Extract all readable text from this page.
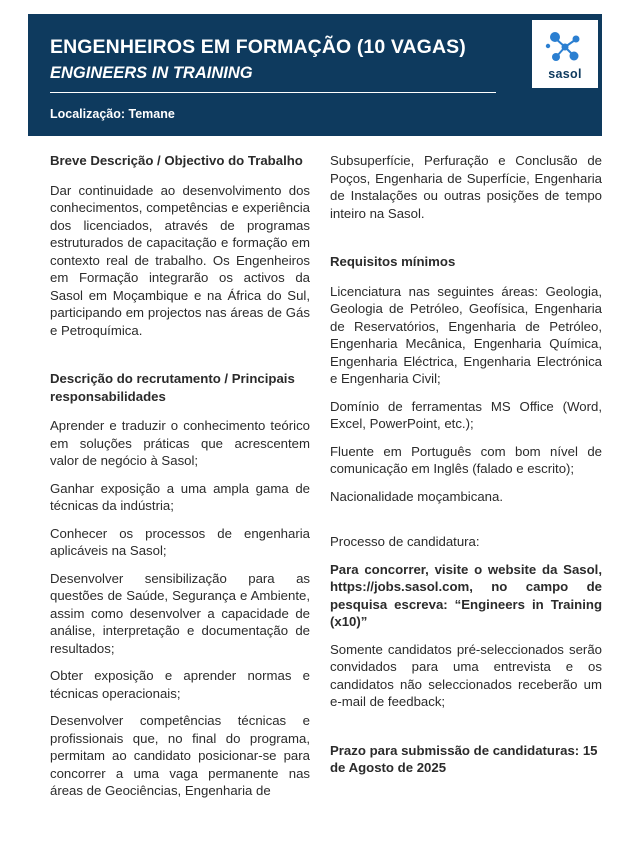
ENGENHEIROS EM FORMAÇÃO (10 VAGAS)
ENGINEERS IN TRAINING
Localização: Temane
sasol

Breve Descrição / Objectivo do Trabalho

Dar continuidade ao desenvolvimento dos conhecimentos, competências e experiência dos licenciados, através de programas estruturados de capacitação e formação em contexto real de trabalho. Os Engenheiros em Formação integrarão os activos da Sasol em Moçambique e na África do Sul, participando em projectos nas áreas de Gás e Petroquímica.

Descrição do recrutamento / Principais responsabilidades

Aprender e traduzir o conhecimento teórico em soluções práticas que acrescentem valor de negócio à Sasol;

Ganhar exposição a uma ampla gama de técnicas da indústria;

Conhecer os processos de engenharia aplicáveis na Sasol;

Desenvolver sensibilização para as questões de Saúde, Segurança e Ambiente, assim como desenvolver a capacidade de análise, interpretação e documentação de resultados;

Obter exposição e aprender normas e técnicas operacionais;

Desenvolver competências técnicas e profissionais que, no final do programa, permitam ao candidato posicionar-se para concorrer a uma vaga permanente nas áreas de Geociências, Engenharia de

Subsuperfície, Perfuração e Conclusão de Poços, Engenharia de Superfície, Engenharia de Instalações ou outras posições de tempo inteiro na Sasol.

Requisitos mínimos

Licenciatura nas seguintes áreas: Geologia, Geologia de Petróleo, Geofísica, Engenharia de Reservatórios, Engenharia de Petróleo, Engenharia Mecânica, Engenharia Química, Engenharia Eléctrica, Engenharia Electrónica e Engenharia Civil;

Domínio de ferramentas MS Office (Word, Excel, PowerPoint, etc.);

Fluente em Português com bom nível de comunicação em Inglês (falado e escrito);

Nacionalidade moçambicana.

Processo de candidatura:

Para concorrer, visite o website da Sasol, https://jobs.sasol.com, no campo de pesquisa escreva: “Engineers in Training (x10)”

Somente candidatos pré-seleccionados serão convidados para uma entrevista e os candidatos não seleccionados receberão um e-mail de feedback;

Prazo para submissão de candidaturas: 15 de Agosto de 2025
